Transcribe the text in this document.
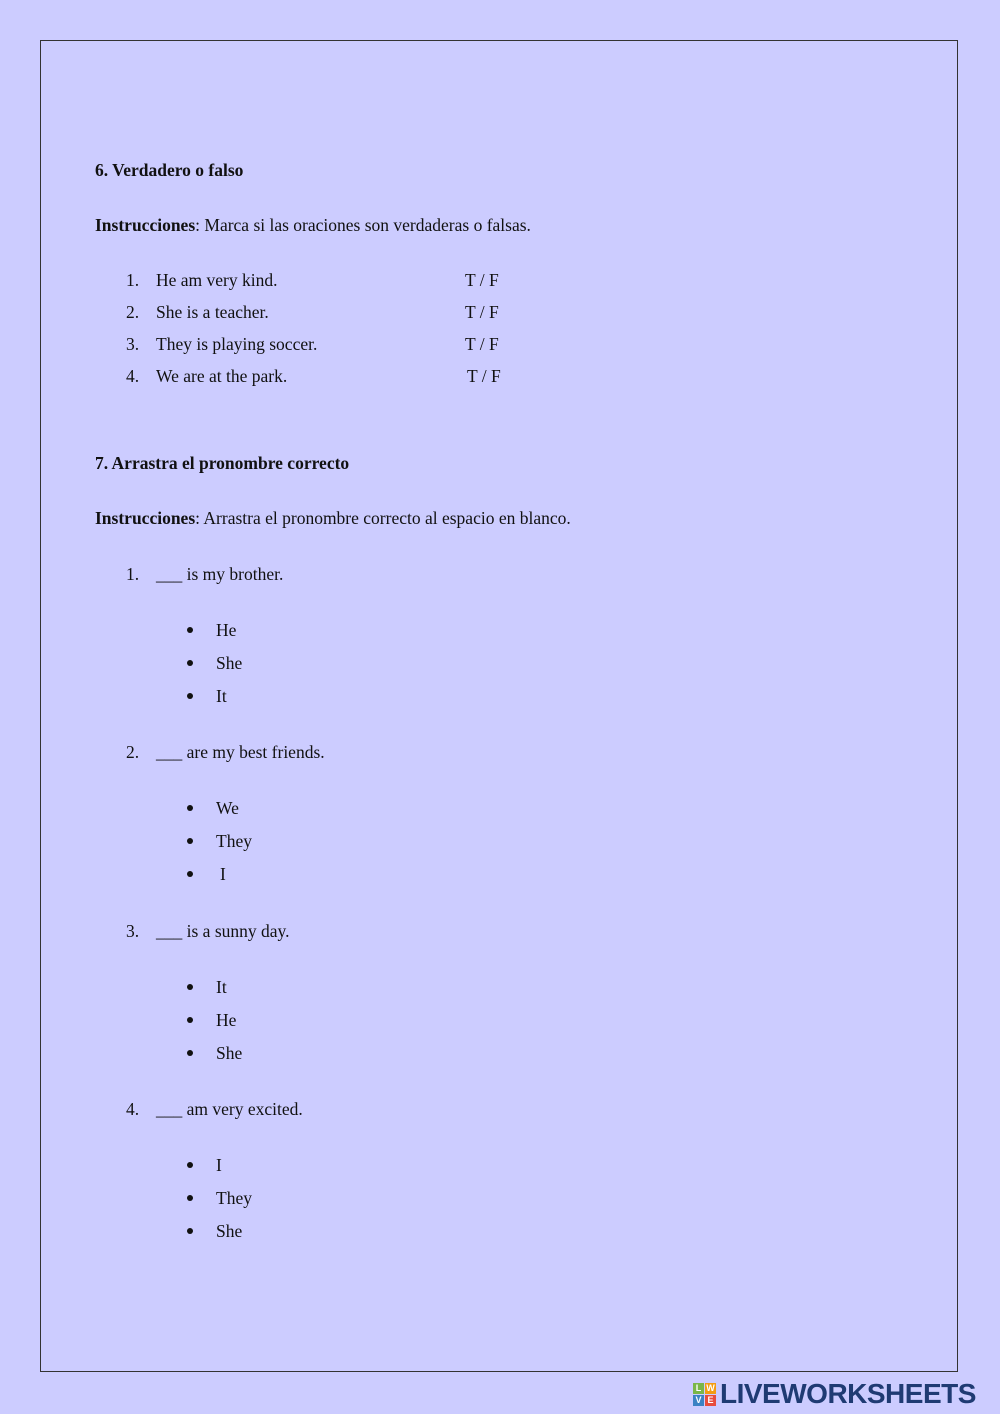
6. Verdadero o falso
Instrucciones: Marca si las oraciones son verdaderas o falsas.
1. He am very kind.	T / F
2. She is a teacher.	T / F
3. They is playing soccer.	T / F
4. We are at the park.	T / F
7. Arrastra el pronombre correcto
Instrucciones: Arrastra el pronombre correcto al espacio en blanco.
1. ___ is my brother.
He
She
It
2. ___ are my best friends.
We
They
I
3. ___ is a sunny day.
It
He
She
4. ___ am very excited.
I
They
She
L W
V E LIVEWORKSHEETS
